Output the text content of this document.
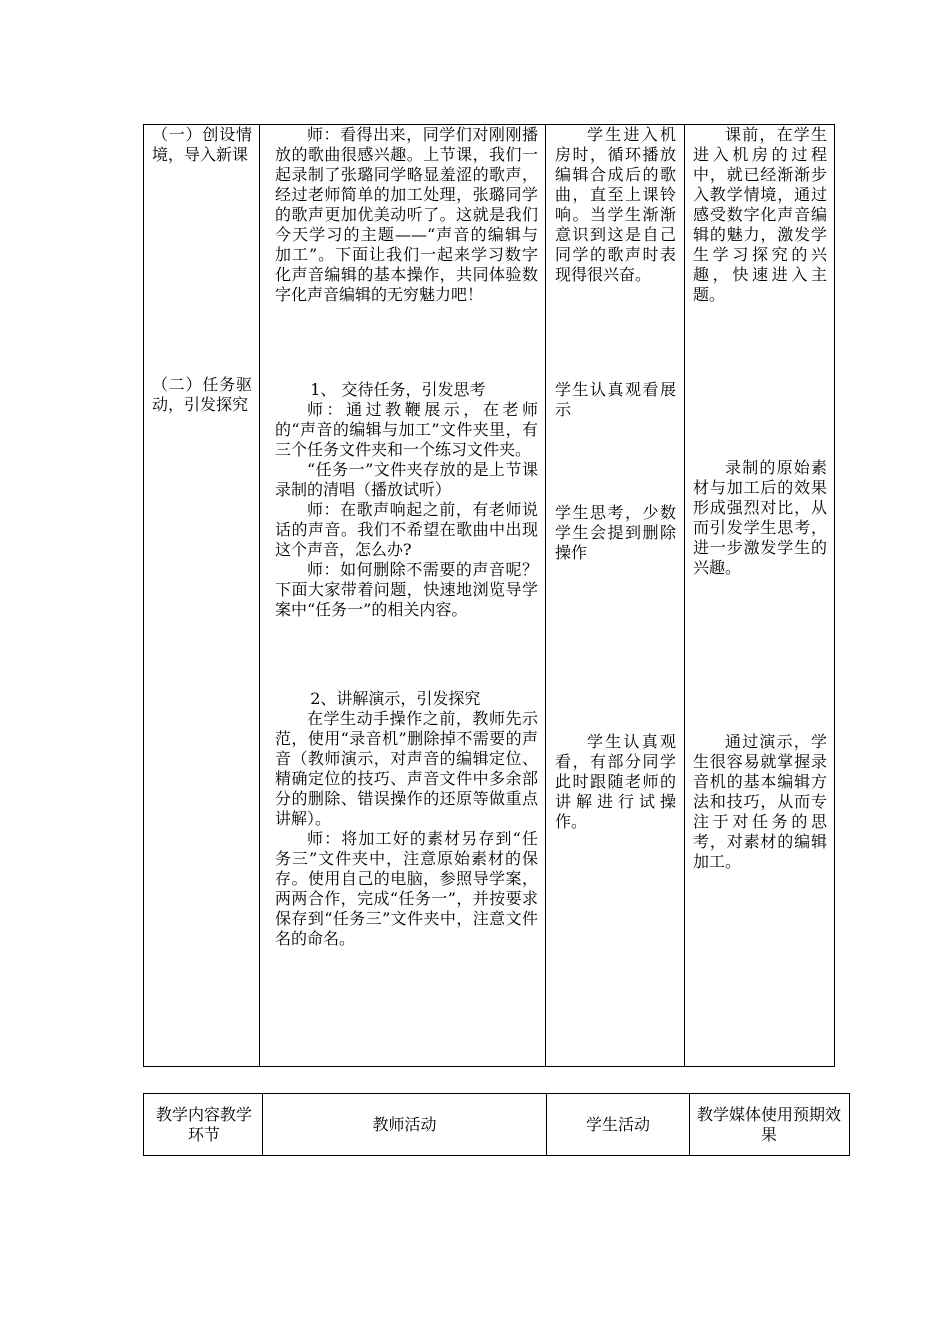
（一）创设情境，导入新课

师：看得出来，同学们对刚刚播放的歌曲很感兴趣。上节课，我们一起录制了张璐同学略显羞涩的歌声，经过老师简单的加工处理，张璐同学的歌声更加优美动听了。这就是我们今天学习的主题——“声音的编辑与加工”。下面让我们一起来学习数字化声音编辑的基本操作，共同体验数字化声音编辑的无穷魅力吧！

学生进入机房时，循环播放编辑合成后的歌曲，直至上课铃响。当学生渐渐意识到这是自己同学的歌声时表现得很兴奋。

课前，在学生进入机房的过程中，就已经渐渐步入教学情境，通过感受数字化声音编辑的魅力，激发学生学习探究的兴趣，快速进入主题。

（二）任务驱动，引发探究

1、 交待任务，引发思考

师：通过教鞭展示，在老师的“声音的编辑与加工”文件夹里，有三个任务文件夹和一个练习文件夹。

“任务一”文件夹存放的是上节课录制的清唱（播放试听）

师：在歌声响起之前，有老师说话的声音。我们不希望在歌曲中出现这个声音，怎么办?

师：如何删除不需要的声音呢？下面大家带着问题，快速地浏览导学案中“任务一”的相关内容。

2、讲解演示，引发探究

在学生动手操作之前，教师先示范，使用“录音机”删除掉不需要的声音（教师演示，对声音的编辑定位、精确定位的技巧、声音文件中多余部分的删除、错误操作的还原等做重点讲解）。

师：将加工好的素材另存到“任务三”文件夹中，注意原始素材的保存。使用自己的电脑，参照导学案，两两合作，完成“任务一”，并按要求保存到“任务三”文件夹中，注意文件名的命名。

学生认真观看展示
学生思考，少数学生会提到删除操作

学生认真观看，有部分同学此时跟随老师的讲解进行试操作。

录制的原始素材与加工后的效果形成强烈对比，从而引发学生思考，进一步激发学生的兴趣。

通过演示，学生很容易就掌握录音机的基本编辑方法和技巧，从而专注于对任务的思考，对素材的编辑加工。

教学内容教学环节
教师活动	学生活动
教学媒体使用预期效果
